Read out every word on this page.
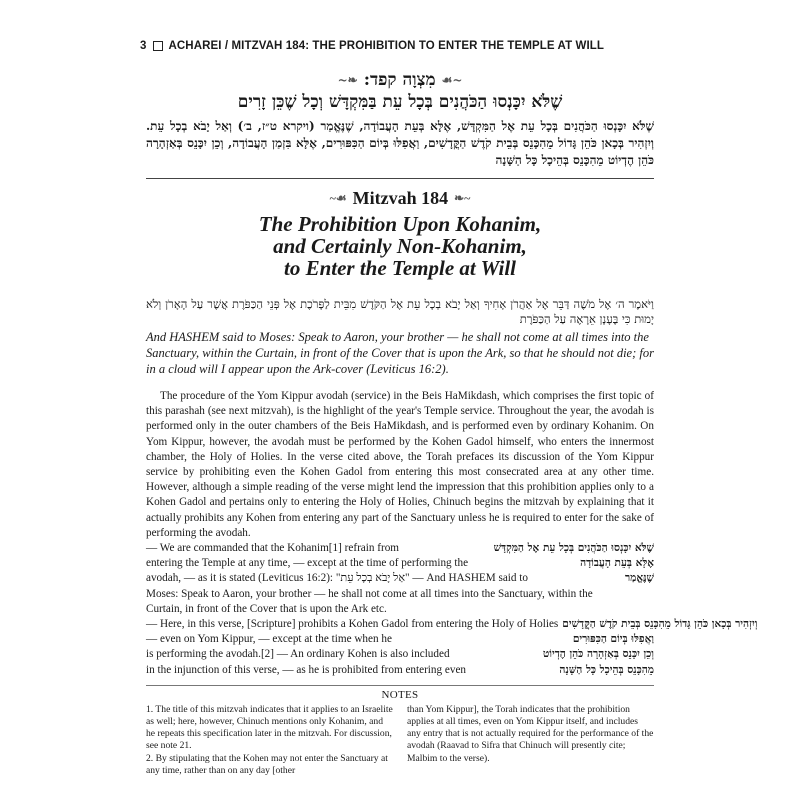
3 ACHAREI / MITZVAH 184: THE PROHIBITION TO ENTER THE TEMPLE AT WILL
~☙
מִצְוָה קפד:
❧~
שֶׁלֹּא יִכָּנְסוּ הַכֹּהֲנִים בְּכָל עֵת בַּמִּקְדָּשׁ וְכָל שֶׁכֵּן זָרִים
שֶׁלֹּא יִכָּנְסוּ הַכֹּהֲנִים בְּכָל עֵת אֶל הַמִּקְדָּשׁ, אֶלָּא בְּעֵת הָעֲבוֹדָה, שֶׁנֶּאֱמַר (ויקרא ט״ז, ב׳) וְאַל יָבֹא בְכָל עֵת. וְיִזְהִיר בְּכָאן כֹּהֵן גָּדוֹל מֵהִכָּנֵס בְּבֵית קֹדֶשׁ הַקֳּדָשִׁים, וַאֲפִלּוּ בְּיוֹם הַכִּפּוּרִים, אֶלָּא בִּזְמַן הָעֲבוֹדָה, וְכֵן יִכָּנֵס בְּאַזְהָרָה כֹּהֵן הֶדְיוֹט מֵהִכָּנֵס בְּהֵיכָל כָּל הַשָּׁנָה
~☙ Mitzvah 184 ❧~
The Prohibition Upon Kohanim,
and Certainly Non-Kohanim,
to Enter the Temple at Will
וַיֹּאמֶר ה׳ אֶל מֹשֶׁה דַּבֵּר אֶל אַהֲרֹן אָחִיךָ וְאַל יָבֹא בְכָל עֵת אֶל הַקֹּדֶשׁ מִבֵּית לַפָּרֹכֶת אֶל פְּנֵי הַכַּפֹּרֶת אֲשֶׁר עַל הָאָרֹן וְלֹא יָמוּת כִּי בֶּעָנָן אֵרָאֶה עַל הַכַּפֹּרֶת
And HASHEM said to Moses: Speak to Aaron, your brother — he shall not come at all times into the Sanctuary, within the Curtain, in front of the Cover that is upon the Ark, so that he should not die; for in a cloud will I appear upon the Ark-cover (Leviticus 16:2).
The procedure of the Yom Kippur avodah (service) in the Beis HaMikdash, which comprises the first topic of this parashah (see next mitzvah), is the highlight of the year's Temple service. Throughout the year, the avodah is performed only in the outer chambers of the Beis HaMikdash, and is performed even by ordinary Kohanim. On Yom Kippur, however, the avodah must be performed by the Kohen Gadol himself, who enters the innermost chamber, the Holy of Holies. In the verse cited above, the Torah prefaces its discussion of the Yom Kippur service by prohibiting even the Kohen Gadol from entering this most consecrated area at any other time. However, although a simple reading of the verse might lend the impression that this prohibition applies only to a Kohen Gadol and pertains only to entering the Holy of Holies, Chinuch begins the mitzvah by explaining that it actually prohibits any Kohen from entering any part of the Sanctuary unless he is required to enter for the sake of performing the avodah.
— We are commanded that the Kohanim[1] refrain from	שֶׁלֹּא יִכָּנְסוּ הַכֹּהֲנִים בְּכָל עֵת אֶל הַמִּקְדָּשׁ
entering the Temple at any time, — except at the time of performing the	אֶלָּא בְּעֵת הָעֲבוֹדָה
avodah, — as it is stated (Leviticus 16:2): "אַל יָבֹא בְכָל עֵת" — And HASHEM said to	שֶׁנֶּאֱמַר
Moses: Speak to Aaron, your brother — he shall not come at all times into the Sanctuary, within the
Curtain, in front of the Cover that is upon the Ark etc.
— Here, in this verse, [Scripture] prohibits a Kohen Gadol from entering the Holy of Holies וְיִזְהִיר בְּכָאן כֹּהֵן גָּדוֹל מֵהִכָּנֵס בְּבֵית קֹדֶשׁ הַקֳּדָשִׁים
— even on Yom Kippur, — except at the time when he	וַאֲפִלּוּ בְּיוֹם הַכִּפּוּרִים
is performing the avodah.[2] — An ordinary Kohen is also included	וְכֵן יִכָּנֵס בְּאַזְהָרָה כֹּהֵן הֶדְיוֹט
in the injunction of this verse, — as he is prohibited from entering even	מֵהִכָּנֵס בְּהֵיכָל כָּל הַשָּׁנָה
NOTES
1. The title of this mitzvah indicates that it applies to an Israelite as well; here, however, Chinuch mentions only Kohanim, and he repeats this specification later in the mitzvah. For discussion, see note 21.
2. By stipulating that the Kohen may not enter the Sanctuary at any time, rather than on any day [other
than Yom Kippur], the Torah indicates that the prohibition applies at all times, even on Yom Kippur itself, and includes any entry that is not actually required for the performance of the avodah (Raavad to Sifra that Chinuch will presently cite; Malbim to the verse).
